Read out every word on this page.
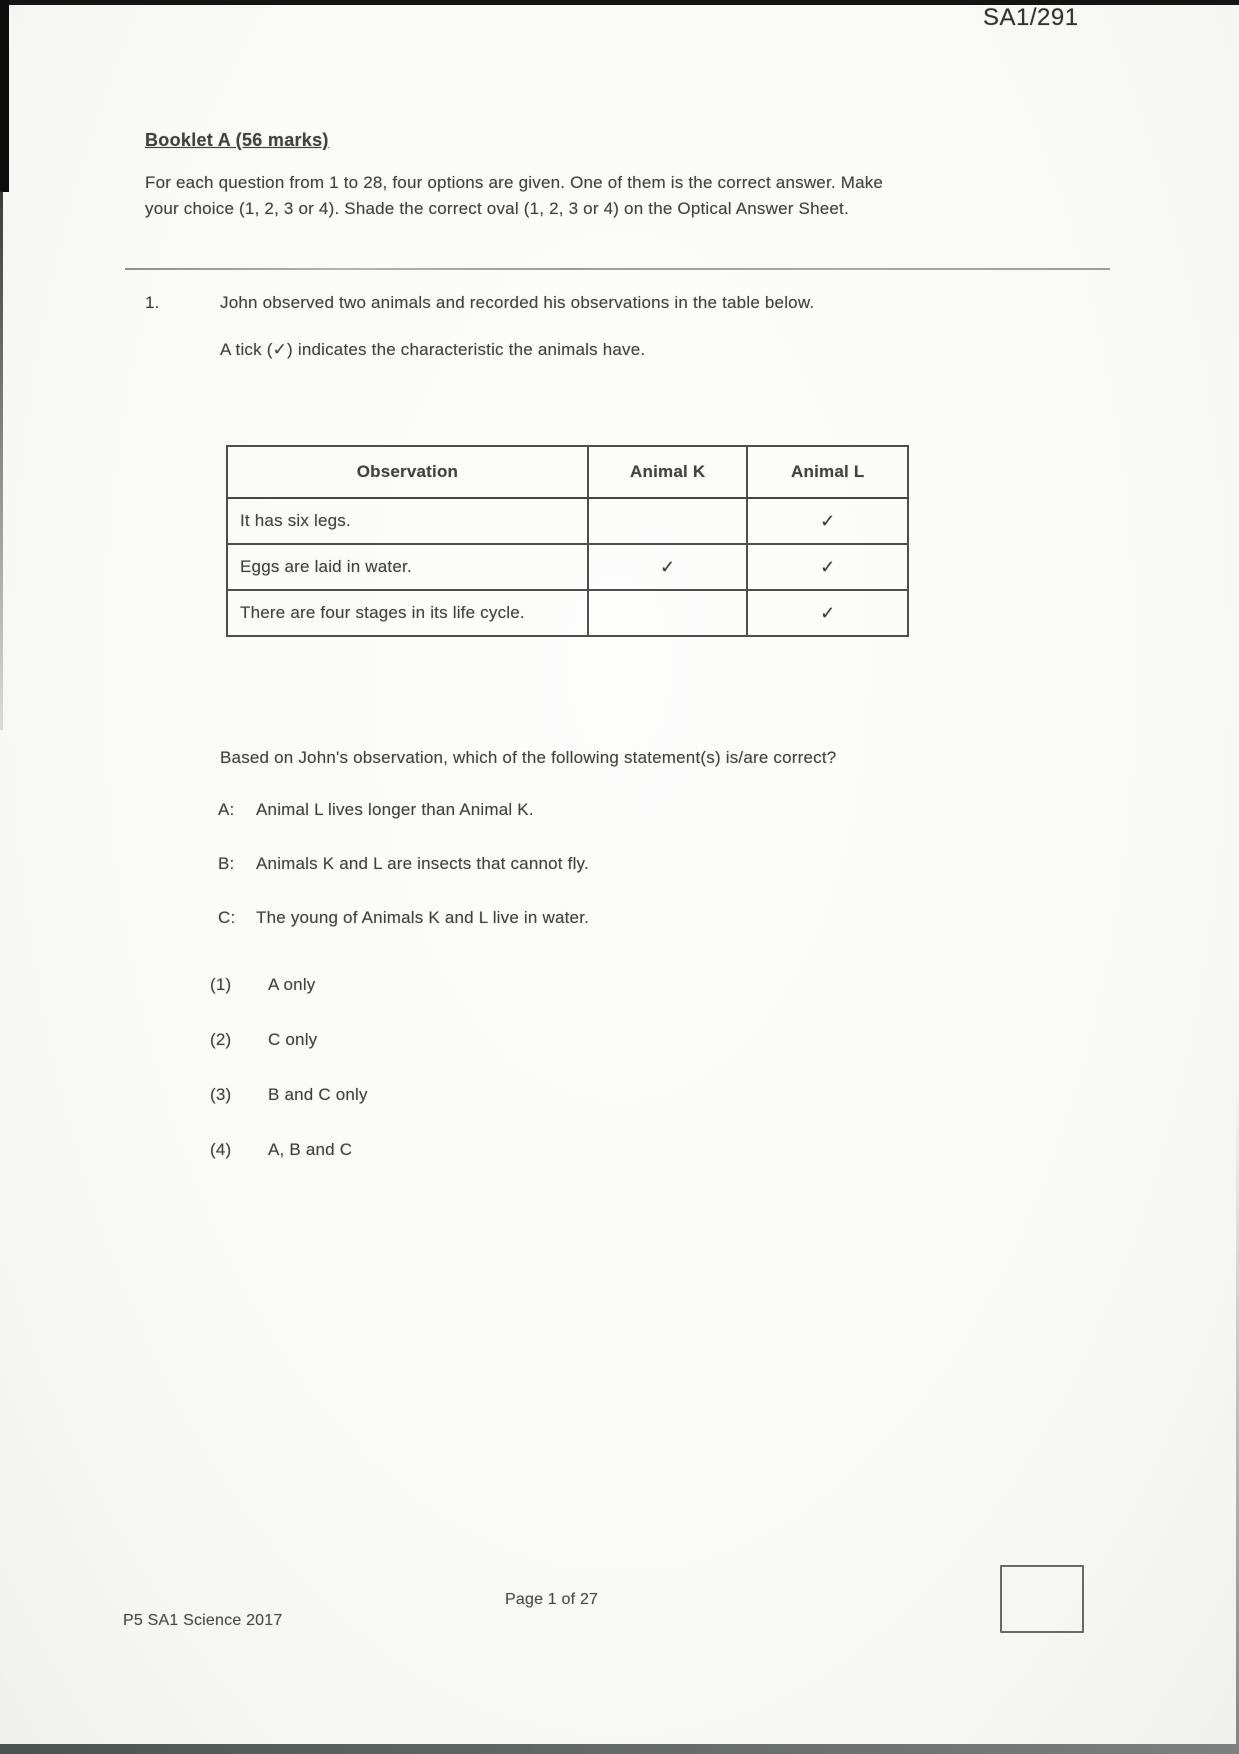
SA1/291
Booklet A (56 marks)

For each question from 1 to 28, four options are given. One of them is the correct answer. Make
your choice (1, 2, 3 or 4). Shade the correct oval (1, 2, 3 or 4) on the Optical Answer Sheet.

1.	John observed two animals and recorded his observations in the table below.

A tick (✓) indicates the characteristic the animals have.

Observation	Animal K	Animal L
It has six legs.		✓
Eggs are laid in water.	✓	✓
There are four stages in its life cycle.		✓

Based on John's observation, which of the following statement(s) is/are correct?

A:	Animal L lives longer than Animal K.
B:	Animals K and L are insects that cannot fly.
C:	The young of Animals K and L live in water.
(1)	A only
(2)	C only
(3)	B and C only
(4)	A, B and C
Page 1 of 27
P5 SA1 Science 2017
